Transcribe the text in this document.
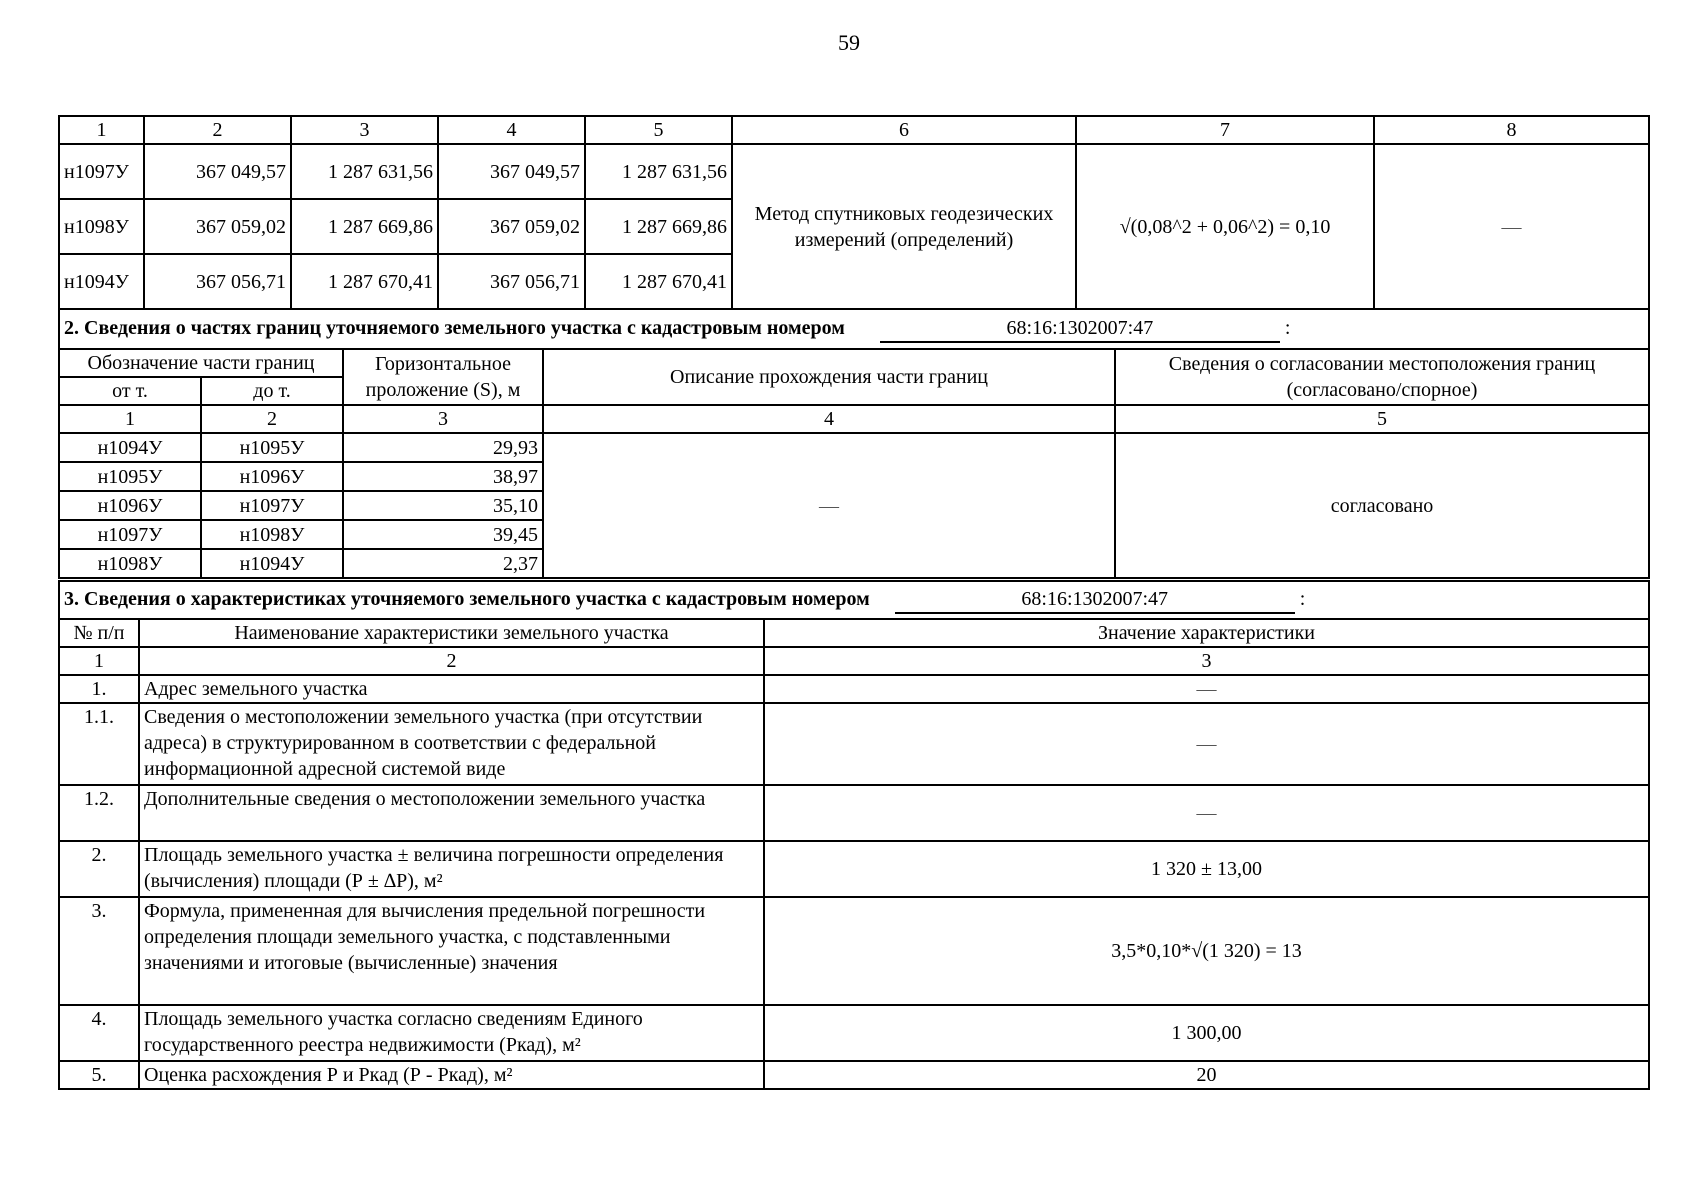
59
1	2	3	4	5	6	7	8
н1097У	367 049,57	1 287 631,56	367 049,57	1 287 631,56	Метод спутниковых геодезических измерений (определений)	√(0,08^2 + 0,06^2) = 0,10	—
н1098У	367 059,02	1 287 669,86	367 059,02	1 287 669,86			
н1094У	367 056,71	1 287 670,41	367 056,71	1 287 670,41			
2. Сведения о частях границ уточняемого земельного участка с кадастровым номером 68:16:1302007:47 :				
Обозначение части границ		Горизонтальное проложение (S), м	Описание прохождения части границ	Сведения о согласовании местоположения границ (согласовано/спорное)
от т.	до т.			
1	2	3	4	5
н1094У	н1095У	29,93	—	согласовано
н1095У	н1096У	38,97		
н1096У	н1097У	35,10		
н1097У	н1098У	39,45		
н1098У	н1094У	2,37		
3. Сведения о характеристиках уточняемого земельного участка с кадастровым номером 68:16:1302007:47 :		
№ п/п	Наименование характеристики земельного участка	Значение характеристики
1	2	3
1.	Адрес земельного участка	—
1.1.	Сведения о местоположении земельного участка (при отсутствии адреса) в структурированном в соответствии с федеральной информационной адресной системой виде	—
1.2.	Дополнительные сведения о местоположении земельного участка	—
2.	Площадь земельного участка ± величина погрешности определения (вычисления) площади (Р ± ∆Р), м²	1 320 ± 13,00
3.	Формула, примененная для вычисления предельной погрешности определения площади земельного участка, с подставленными значениями и итоговые (вычисленные) значения	3,5*0,10*√(1 320) = 13
4.	Площадь земельного участка согласно сведениям Единого государственного реестра недвижимости (Ркад), м²	1 300,00
5.	Оценка расхождения Р и Ркад (Р - Ркад), м²	20
